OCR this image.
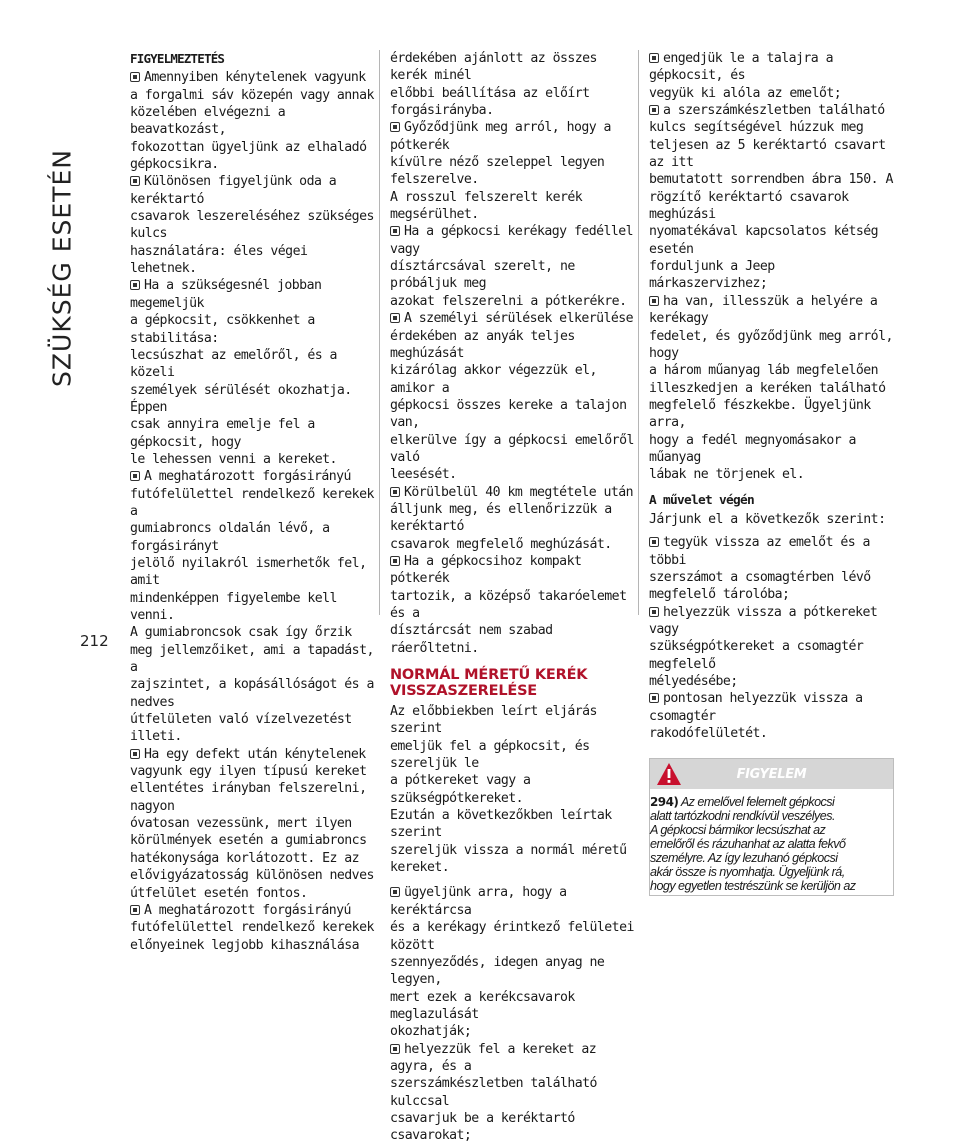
SZÜKSÉG ESETÉN
212

FIGYELMEZTETÉS

Amennyiben kénytelenek vagyunk
a forgalmi sáv közepén vagy annak
közelében elvégezni a beavatkozást,
fokozottan ügyeljünk az elhaladó
gépkocsikra.
Különösen figyeljünk oda a keréktartó
csavarok leszereléséhez szükséges kulcs
használatára: éles végei lehetnek.
Ha a szükségesnél jobban megemeljük
a gépkocsit, csökkenhet a stabilitása:
lecsúszhat az emelőről, és a közeli
személyek sérülését okozhatja. Éppen
csak annyira emelje fel a gépkocsit, hogy
le lehessen venni a kereket.
A meghatározott forgásirányú
futófelülettel rendelkező kerekek a
gumiabroncs oldalán lévő, a forgásirányt
jelölő nyilakról ismerhetők fel, amit
mindenképpen figyelembe kell venni.
A gumiabroncsok csak így őrzik
meg jellemzőiket, ami a tapadást, a
zajszintet, a kopásállóságot és a nedves
útfelületen való vízelvezetést illeti.
Ha egy defekt után kénytelenek
vagyunk egy ilyen típusú kereket
ellentétes irányban felszerelni, nagyon
óvatosan vezessünk, mert ilyen
körülmények esetén a gumiabroncs
hatékonysága korlátozott. Ez az
elővigyázatosság különösen nedves
útfelület esetén fontos.
A meghatározott forgásirányú
futófelülettel rendelkező kerekek
előnyeinek legjobb kihasználása
érdekében ajánlott az összes kerék minél
előbbi beállítása az előírt forgásirányba.
Győződjünk meg arról, hogy a pótkerék
kívülre néző szeleppel legyen felszerelve.
A rosszul felszerelt kerék megsérülhet.
Ha a gépkocsi kerékagy fedéllel vagy
dísztárcsával szerelt, ne próbáljuk meg
azokat felszerelni a pótkerékre.
A személyi sérülések elkerülése
érdekében az anyák teljes meghúzását
kizárólag akkor végezzük el, amikor a
gépkocsi összes kereke a talajon van,
elkerülve így a gépkocsi emelőről való
leesését.
Körülbelül 40 km megtétele után
álljunk meg, és ellenőrizzük a keréktartó
csavarok megfelelő meghúzását.
Ha a gépkocsihoz kompakt pótkerék
tartozik, a középső takaróelemet és a
dísztárcsát nem szabad ráerőltetni.
NORMÁL MÉRETŰ KERÉK
VISSZASZERELÉSE
Az előbbiekben leírt eljárás szerint
emeljük fel a gépkocsit, és szereljük le
a pótkereket vagy a szükségpótkereket.
Ezután a következőkben leírtak szerint
szereljük vissza a normál méretű kereket.
ügyeljünk arra, hogy a keréktárcsa
és a kerékagy érintkező felületei között
szennyeződés, idegen anyag ne legyen,
mert ezek a kerékcsavarok meglazulását
okozhatják;
helyezzük fel a kereket az agyra, és a
szerszámkészletben található kulccsal
csavarjuk be a keréktartó csavarokat;
engedjük le a talajra a gépkocsit, és
vegyük ki alóla az emelőt;
a szerszámkészletben található
kulcs segítségével húzzuk meg
teljesen az 5 keréktartó csavart az itt
bemutatott sorrendben ábra 150. A
rögzítő keréktartó csavarok meghúzási
nyomatékával kapcsolatos kétség esetén
forduljunk a Jeep márkaszervizhez;
ha van, illesszük a helyére a kerékagy
fedelet, és győződjünk meg arról, hogy
a három műanyag láb megfelelően
illeszkedjen a keréken található
megfelelő fészkekbe. Ügyeljünk arra,
hogy a fedél megnyomásakor a műanyag
lábak ne törjenek el.

A művelet végén

Járjunk el a következők szerint:

tegyük vissza az emelőt és a többi
szerszámot a csomagtérben lévő
megfelelő tárolóba;
helyezzük vissza a pótkereket vagy
szükségpótkereket a csomagtér megfelelő
mélyedésébe;
pontosan helyezzük vissza a csomagtér
rakodófelületét.
FIGYELEM
294) Az emelővel felemelt gépkocsi
alatt tartózkodni rendkívül veszélyes.
A gépkocsi bármikor lecsúszhat az
emelőről és rázuhanhat az alatta fekvő
személyre. Az így lezuhanó gépkocsi
akár össze is nyomhatja. Ügyeljünk rá,
hogy egyetlen testrészünk se kerüljön az
